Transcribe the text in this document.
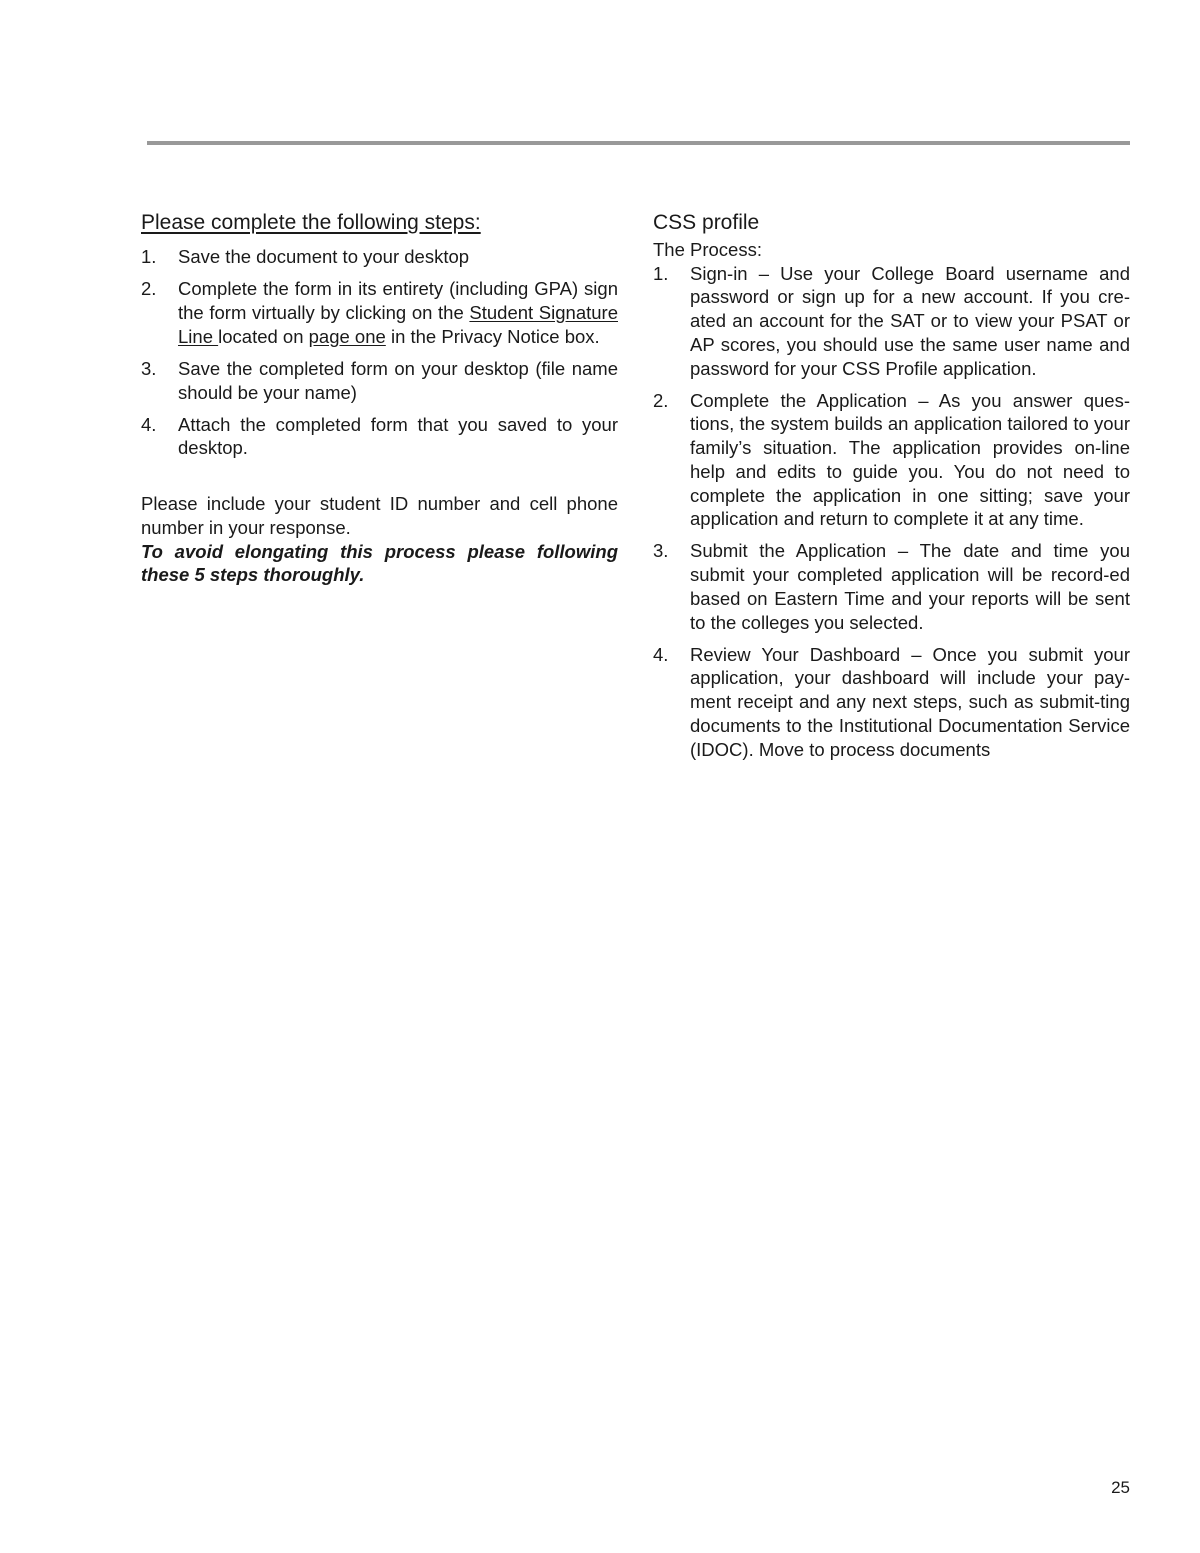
Please complete the following steps:
1. Save the document to your desktop
2. Complete the form in its entirety (including GPA) sign the form virtually by clicking on the Student Signature Line located on page one in the Privacy Notice box.
3. Save the completed form on your desktop (file name should be your name)
4. Attach the completed form that you saved to your desktop.

Please include your student ID number and cell phone number in your response.

To avoid elongating this process please following these 5 steps thoroughly.

CSS profile

The Process:

1. Sign-in – Use your College Board username and password or sign up for a new account. If you cre-ated an account for the SAT or to view your PSAT or AP scores, you should use the same user name and password for your CSS Profile application.
2. Complete the Application – As you answer ques-tions, the system builds an application tailored to your family’s situation. The application provides on-line help and edits to guide you. You do not need to complete the application in one sitting; save your application and return to complete it at any time.
3. Submit the Application – The date and time you submit your completed application will be record-ed based on Eastern Time and your reports will be sent to the colleges you selected.
4. Review Your Dashboard – Once you submit your application, your dashboard will include your pay-ment receipt and any next steps, such as submit-ting documents to the Institutional Documentation Service (IDOC). Move to process documents
25
